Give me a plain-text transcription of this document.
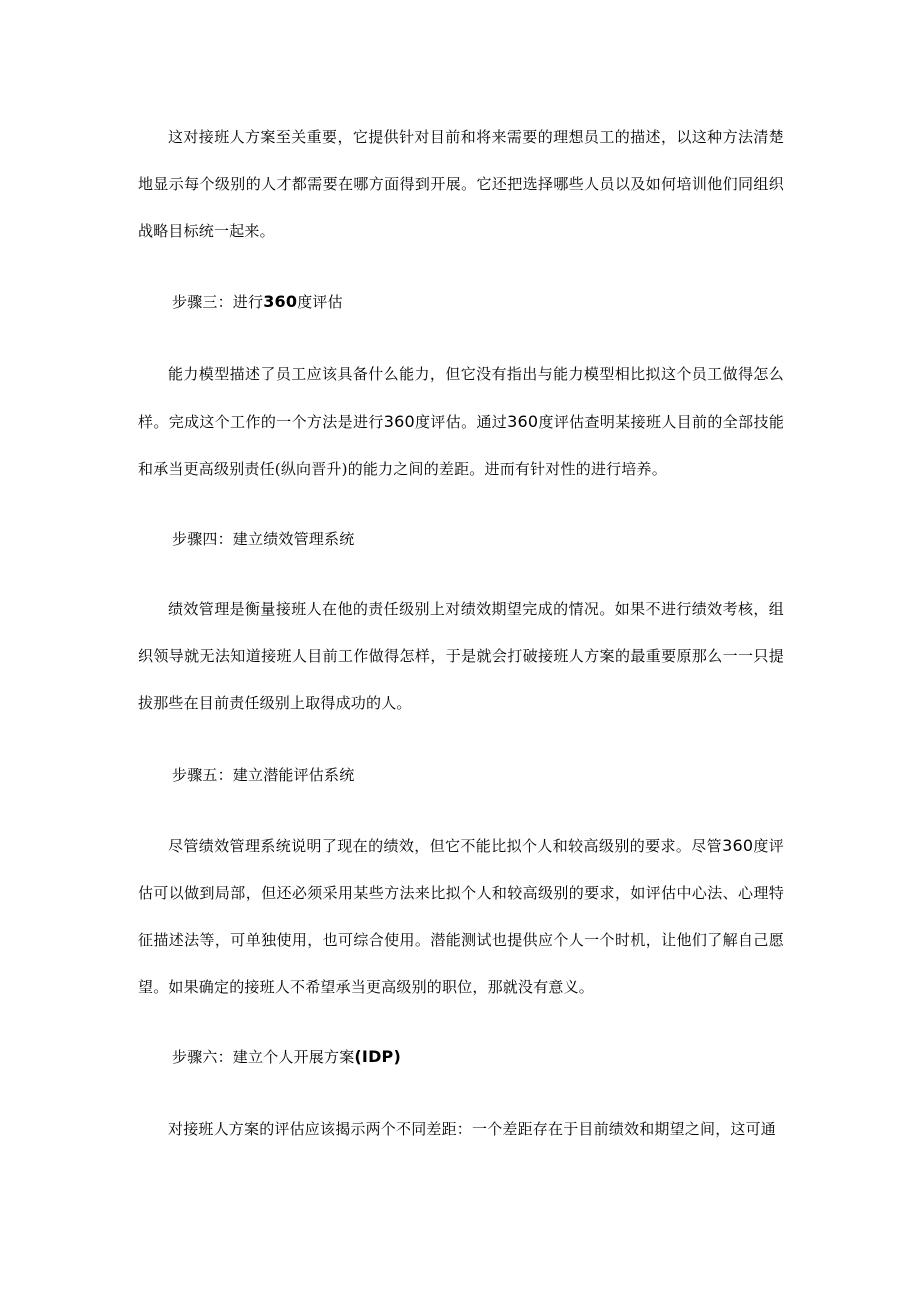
这对接班人方案至关重要，它提供针对目前和将来需要的理想员工的描述，以这种方法清楚地显示每个级别的人才都需要在哪方面得到开展。它还把选择哪些人员以及如何培训他们同组织战略目标统一起来。

步骤三：进行360度评估

能力模型描述了员工应该具备什么能力，但它没有指出与能力模型相比拟这个员工做得怎么样。完成这个工作的一个方法是进行360度评估。通过360度评估查明某接班人目前的全部技能和承当更高级别责任(纵向晋升)的能力之间的差距。进而有针对性的进行培养。

步骤四：建立绩效管理系统

绩效管理是衡量接班人在他的责任级别上对绩效期望完成的情况。如果不进行绩效考核，组织领导就无法知道接班人目前工作做得怎样，于是就会打破接班人方案的最重要原那么一一只提拔那些在目前责任级别上取得成功的人。

步骤五：建立潜能评估系统

尽管绩效管理系统说明了现在的绩效，但它不能比拟个人和较高级别的要求。尽管360度评估可以做到局部，但还必须采用某些方法来比拟个人和较高级别的要求，如评估中心法、心理特征描述法等，可单独使用，也可综合使用。潜能测试也提供应个人一个时机，让他们了解自己愿望。如果确定的接班人不希望承当更高级别的职位，那就没有意义。

步骤六：建立个人开展方案(IDP)

对接班人方案的评估应该揭示两个不同差距：一个差距存在于目前绩效和期望之间，这可通
